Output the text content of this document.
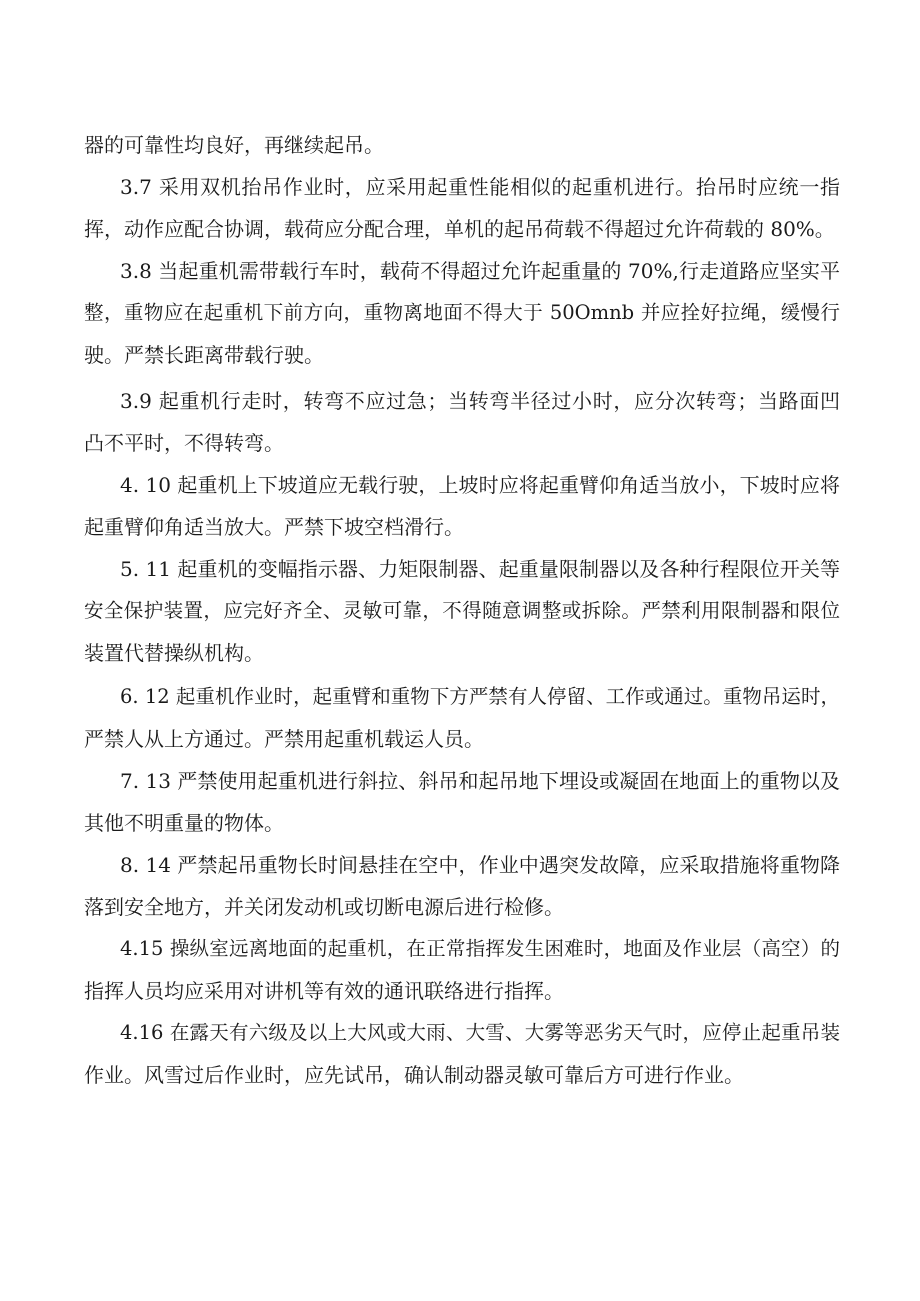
器的可靠性均良好，再继续起吊。
3.7 采用双机抬吊作业时，应采用起重性能相似的起重机进行。抬吊时应统一指
挥，动作应配合协调，载荷应分配合理，单机的起吊荷载不得超过允许荷载的 80%。
3.8 当起重机需带载行车时，载荷不得超过允许起重量的 70%,行走道路应坚实平
整，重物应在起重机下前方向，重物离地面不得大于 50Omnb 并应拴好拉绳，缓慢行
驶。严禁长距离带载行驶。
3.9 起重机行走时，转弯不应过急；当转弯半径过小时，应分次转弯；当路面凹
凸不平时，不得转弯。
4. 10 起重机上下坡道应无载行驶，上坡时应将起重臂仰角适当放小，下坡时应将
起重臂仰角适当放大。严禁下坡空档滑行。
5. 11 起重机的变幅指示器、力矩限制器、起重量限制器以及各种行程限位开关等
安全保护装置，应完好齐全、灵敏可靠，不得随意调整或拆除。严禁利用限制器和限位
装置代替操纵机构。
6. 12 起重机作业时，起重臂和重物下方严禁有人停留、工作或通过。重物吊运时，
严禁人从上方通过。严禁用起重机载运人员。
7. 13 严禁使用起重机进行斜拉、斜吊和起吊地下埋设或凝固在地面上的重物以及
其他不明重量的物体。
8. 14 严禁起吊重物长时间悬挂在空中，作业中遇突发故障，应采取措施将重物降
落到安全地方，并关闭发动机或切断电源后进行检修。
4.15 操纵室远离地面的起重机，在正常指挥发生困难时，地面及作业层（高空）的
指挥人员均应采用对讲机等有效的通讯联络进行指挥。
4.16 在露天有六级及以上大风或大雨、大雪、大雾等恶劣天气时，应停止起重吊装
作业。风雪过后作业时，应先试吊，确认制动器灵敏可靠后方可进行作业。
